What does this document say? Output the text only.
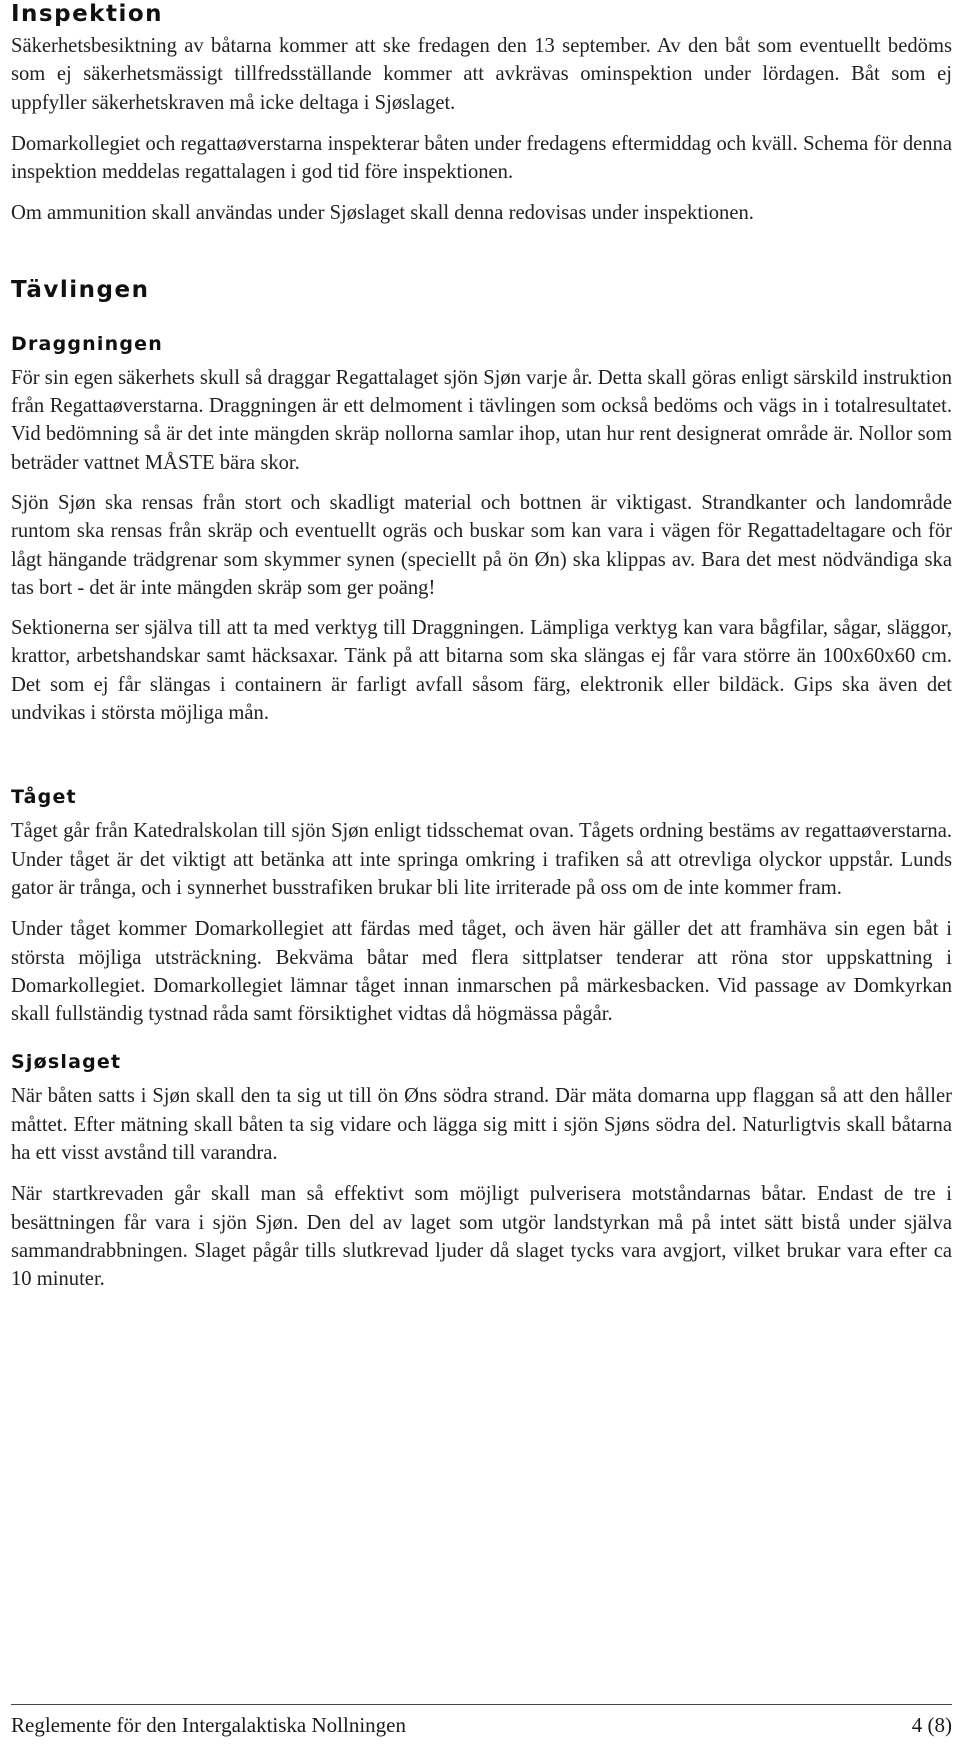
Inspektion

Säkerhetsbesiktning av båtarna kommer att ske fredagen den 13 september. Av den båt som eventuellt bedöms som ej säkerhetsmässigt tillfredsställande kommer att avkrävas ominspektion under lördagen. Båt som ej uppfyller säkerhetskraven må icke deltaga i Sjøslaget.

Domarkollegiet och regattaøverstarna inspekterar båten under fredagens eftermiddag och kväll. Schema för denna inspektion meddelas regattalagen i god tid före inspektionen.

Om ammunition skall användas under Sjøslaget skall denna redovisas under inspektionen.

Tävlingen
Draggningen

För sin egen säkerhets skull så draggar Regattalaget sjön Sjøn varje år. Detta skall göras enligt särskild instruktion från Regattaøverstarna. Draggningen är ett delmoment i tävlingen som också bedöms och vägs in i totalresultatet. Vid bedömning så är det inte mängden skräp nollorna samlar ihop, utan hur rent designerat område är. Nollor som beträder vattnet MÅSTE bära skor.

Sjön Sjøn ska rensas från stort och skadligt material och bottnen är viktigast. Strandkanter och landområde runtom ska rensas från skräp och eventuellt ogräs och buskar som kan vara i vägen för Regattadeltagare och för lågt hängande trädgrenar som skymmer synen (speciellt på ön Øn) ska klippas av. Bara det mest nödvändiga ska tas bort - det är inte mängden skräp som ger poäng!

Sektionerna ser själva till att ta med verktyg till Draggningen. Lämpliga verktyg kan vara bågfilar, sågar, släggor, krattor, arbetshandskar samt häcksaxar. Tänk på att bitarna som ska slängas ej får vara större än 100x60x60 cm. Det som ej får slängas i containern är farligt avfall såsom färg, elektronik eller bildäck. Gips ska även det undvikas i största möjliga mån.

Tåget

Tåget går från Katedralskolan till sjön Sjøn enligt tidsschemat ovan. Tågets ordning bestäms av regattaøverstarna. Under tåget är det viktigt att betänka att inte springa omkring i trafiken så att otrevliga olyckor uppstår. Lunds gator är trånga, och i synnerhet busstrafiken brukar bli lite irriterade på oss om de inte kommer fram.

Under tåget kommer Domarkollegiet att färdas med tåget, och även här gäller det att framhäva sin egen båt i största möjliga utsträckning. Bekväma båtar med flera sittplatser tenderar att röna stor uppskattning i Domarkollegiet. Domarkollegiet lämnar tåget innan inmarschen på märkesbacken. Vid passage av Domkyrkan skall fullständig tystnad råda samt försiktighet vidtas då högmässa pågår.

Sjøslaget

När båten satts i Sjøn skall den ta sig ut till ön Øns södra strand. Där mäta domarna upp flaggan så att den håller måttet. Efter mätning skall båten ta sig vidare och lägga sig mitt i sjön Sjøns södra del. Naturligtvis skall båtarna ha ett visst avstånd till varandra.

När startkrevaden går skall man så effektivt som möjligt pulverisera motståndarnas båtar. Endast de tre i besättningen får vara i sjön Sjøn. Den del av laget som utgör landstyrkan må på intet sätt bistå under själva sammandrabbningen. Slaget pågår tills slutkrevad ljuder då slaget tycks vara avgjort, vilket brukar vara efter ca 10 minuter.

Reglemente för den Intergalaktiska Nollningen	4 (8)
